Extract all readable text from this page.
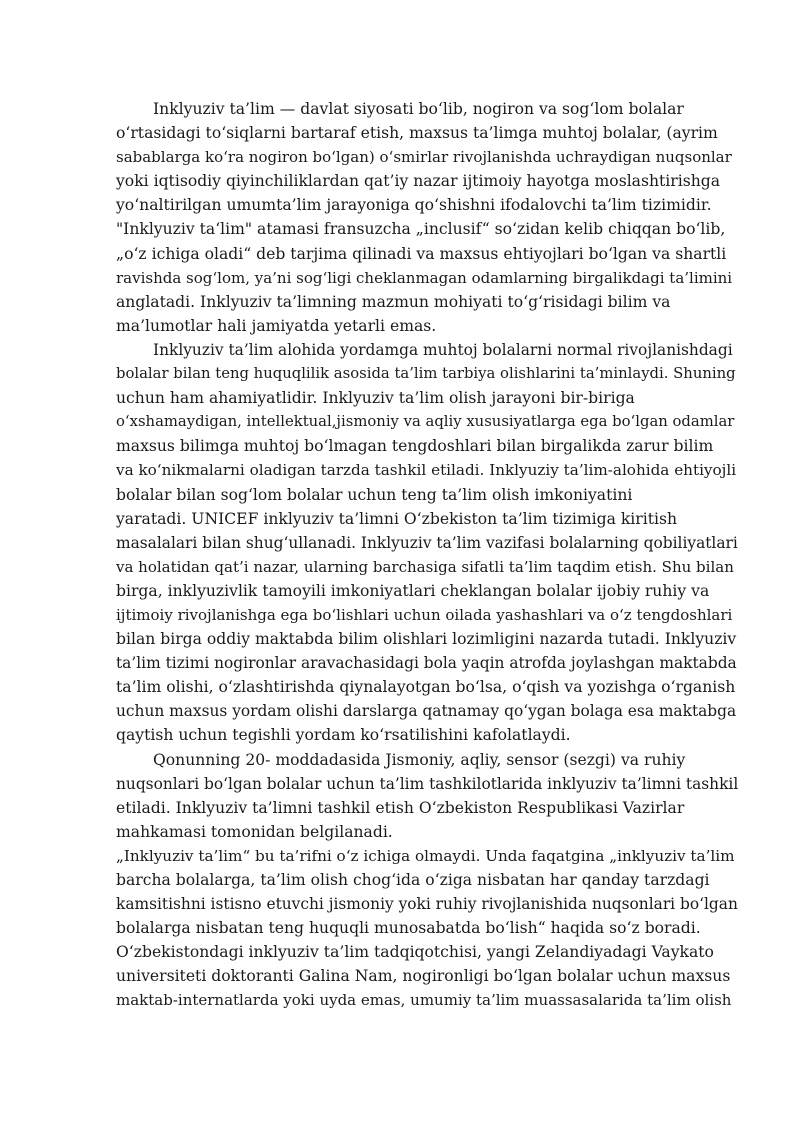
Inklyuziv ta’lim — davlat siyosati bo‘lib, nogiron va sog‘lom bolalar
o‘rtasidagi to‘siqlarni bartaraf etish, maxsus ta’limga muhtoj bolalar, (ayrim
sabablarga ko‘ra nogiron bo‘lgan) o‘smirlar rivojlanishda uchraydigan nuqsonlar
yoki iqtisodiy qiyinchiliklardan qat’iy nazar ijtimoiy hayotga moslashtirishga
yo‘naltirilgan umumta’lim jarayoniga qo‘shishni ifodalovchi ta’lim tizimidir.
"Inklyuziv ta‘lim" atamasi fransuzcha „inclusif“ so‘zidan kelib chiqqan bo‘lib,
„o‘z ichiga oladi“ deb tarjima qilinadi va maxsus ehtiyojlari bo‘lgan va shartli
ravishda sog‘lom, ya’ni sog‘ligi cheklanmagan odamlarning birgalikdagi ta’limini
anglatadi. Inklyuziv ta’limning mazmun mohiyati to‘g‘risidagi bilim va
ma’lumotlar hali jamiyatda yetarli emas.
Inklyuziv ta’lim alohida yordamga muhtoj bolalarni normal rivojlanishdagi
bolalar bilan teng huquqlilik asosida ta’lim tarbiya olishlarini ta’minlaydi. Shuning
uchun ham ahamiyatlidir. Inklyuziv ta’lim olish jarayoni bir-biriga
o‘xshamaydigan, intellektual,jismoniy va aqliy xususiyatlarga ega bo‘lgan odamlar
maxsus bilimga muhtoj bo‘lmagan tengdoshlari bilan birgalikda zarur bilim
va ko‘nikmalarni oladigan tarzda tashkil etiladi. Inklyuziy ta’lim-alohida ehtiyojli
bolalar bilan sog‘lom bolalar uchun teng ta’lim olish imkoniyatini
yaratadi. UNICEF inklyuziv ta’limni O‘zbekiston ta’lim tizimiga kiritish
masalalari bilan shug‘ullanadi. Inklyuziv ta’lim vazifasi bolalarning qobiliyatlari
va holatidan qat’i nazar, ularning barchasiga sifatli ta’lim taqdim etish. Shu bilan
birga, inklyuzivlik tamoyili imkoniyatlari cheklangan bolalar ijobiy ruhiy va
ijtimoiy rivojlanishga ega bo‘lishlari uchun oilada yashashlari va o‘z tengdoshlari
bilan birga oddiy maktabda bilim olishlari lozimligini nazarda tutadi. Inklyuziv
ta’lim tizimi nogironlar aravachasidagi bola yaqin atrofda joylashgan maktabda
ta’lim olishi, o‘zlashtirishda qiynalayotgan bo‘lsa, o‘qish va yozishga o‘rganish
uchun maxsus yordam olishi darslarga qatnamay qo‘ygan bolaga esa maktabga
qaytish uchun tegishli yordam ko‘rsatilishini kafolatlaydi.
Qonunning 20- moddadasida Jismoniy, aqliy, sensor (sezgi) va ruhiy
nuqsonlari bo‘lgan bolalar uchun ta’lim tashkilotlarida inklyuziv ta’limni tashkil
etiladi. Inklyuziv ta’limni tashkil etish O‘zbekiston Respublikasi Vazirlar
mahkamasi tomonidan belgilanadi.
„Inklyuziv ta’lim“ bu ta’rifni o‘z ichiga olmaydi. Unda faqatgina „inklyuziv ta’lim
barcha bolalarga, ta’lim olish chog‘ida o‘ziga nisbatan har qanday tarzdagi
kamsitishni istisno etuvchi jismoniy yoki ruhiy rivojlanishida nuqsonlari bo‘lgan
bolalarga nisbatan teng huquqli munosabatda bo‘lish“ haqida so‘z boradi.
O‘zbekistondagi inklyuziv ta’lim tadqiqotchisi, yangi Zelandiyadagi Vaykato
universiteti doktoranti Galina Nam, nogironligi bo‘lgan bolalar uchun maxsus
maktab-internatlarda yoki uyda emas, umumiy ta’lim muassasalarida ta’lim olish
